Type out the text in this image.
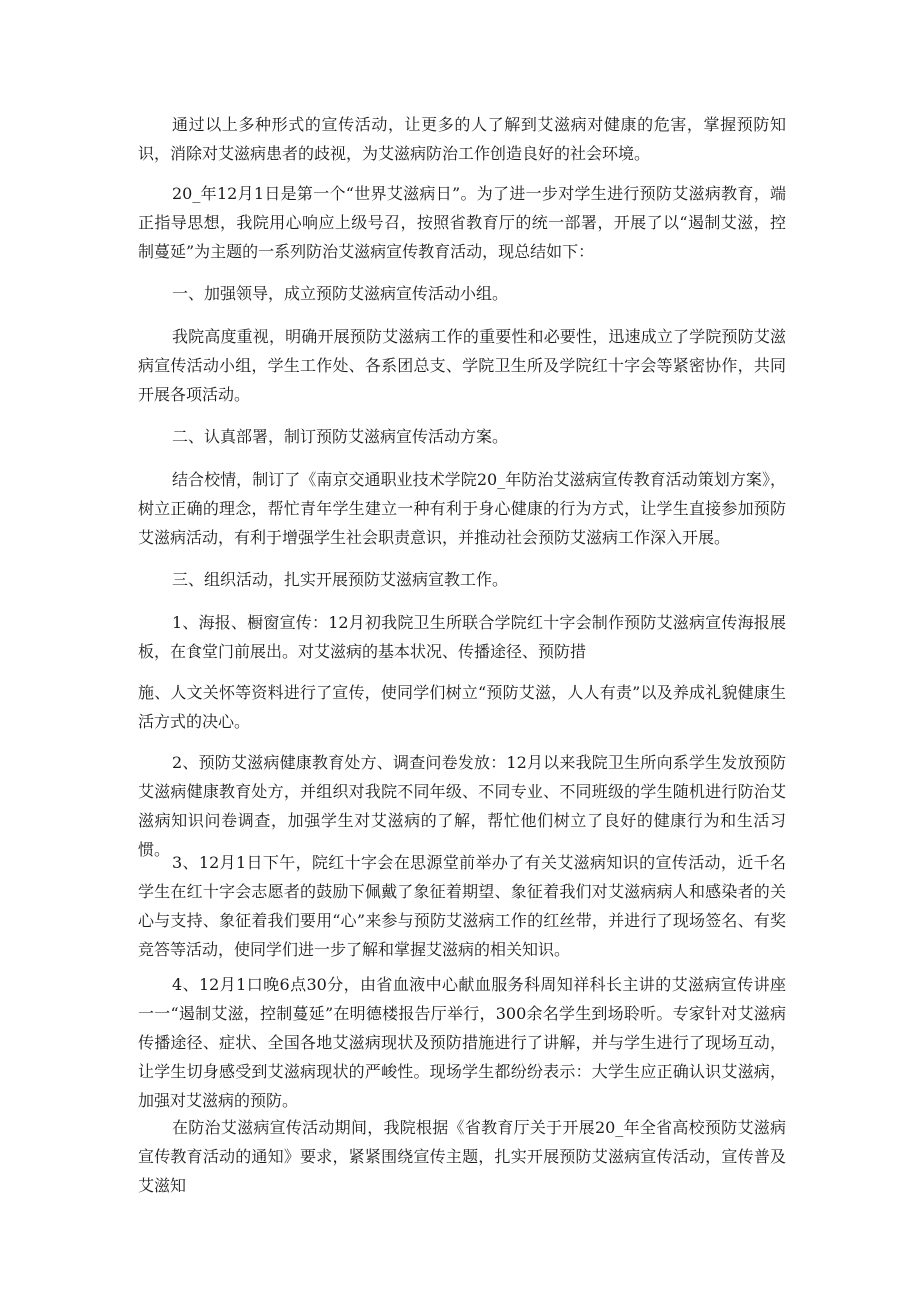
通过以上多种形式的宣传活动，让更多的人了解到艾滋病对健康的危害，掌握预防知识，消除对艾滋病患者的歧视，为艾滋病防治工作创造良好的社会环境。

20_年12月1日是第一个“世界艾滋病日”。为了进一步对学生进行预防艾滋病教育，端正指导思想，我院用心响应上级号召，按照省教育厅的统一部署，开展了以“遏制艾滋，控制蔓延”为主题的一系列防治艾滋病宣传教育活动，现总结如下：

一、加强领导，成立预防艾滋病宣传活动小组。

我院高度重视，明确开展预防艾滋病工作的重要性和必要性，迅速成立了学院预防艾滋病宣传活动小组，学生工作处、各系团总支、学院卫生所及学院红十字会等紧密协作，共同开展各项活动。

二、认真部署，制订预防艾滋病宣传活动方案。

结合校情，制订了《南京交通职业技术学院20_年防治艾滋病宣传教育活动策划方案》，树立正确的理念，帮忙青年学生建立一种有利于身心健康的行为方式，让学生直接参加预防艾滋病活动，有利于增强学生社会职责意识，并推动社会预防艾滋病工作深入开展。

三、组织活动，扎实开展预防艾滋病宣教工作。

1、海报、橱窗宣传：12月初我院卫生所联合学院红十字会制作预防艾滋病宣传海报展板，在食堂门前展出。对艾滋病的基本状况、传播途径、预防措

施、人文关怀等资料进行了宣传，使同学们树立“预防艾滋，人人有责”以及养成礼貌健康生活方式的决心。

2、预防艾滋病健康教育处方、调查问卷发放：12月以来我院卫生所向系学生发放预防艾滋病健康教育处方，并组织对我院不同年级、不同专业、不同班级的学生随机进行防治艾滋病知识问卷调查，加强学生对艾滋病的了解，帮忙他们树立了良好的健康行为和生活习惯。

3、12月1日下午，院红十字会在思源堂前举办了有关艾滋病知识的宣传活动，近千名学生在红十字会志愿者的鼓励下佩戴了象征着期望、象征着我们对艾滋病病人和感染者的关心与支持、象征着我们要用“心”来参与预防艾滋病工作的红丝带，并进行了现场签名、有奖竞答等活动，使同学们进一步了解和掌握艾滋病的相关知识。

4、12月1口晚6点30分，由省血液中心献血服务科周知祥科长主讲的艾滋病宣传讲座一一“遏制艾滋，控制蔓延”在明德楼报告厅举行，300余名学生到场聆听。专家针对艾滋病传播途径、症状、全国各地艾滋病现状及预防措施进行了讲解，并与学生进行了现场互动，让学生切身感受到艾滋病现状的严峻性。现场学生都纷纷表示：大学生应正确认识艾滋病，加强对艾滋病的预防。

在防治艾滋病宣传活动期间，我院根据《省教育厅关于开展20_年全省高校预防艾滋病宣传教育活动的通知》要求，紧紧围绕宣传主题，扎实开展预防艾滋病宣传活动，宣传普及艾滋知
